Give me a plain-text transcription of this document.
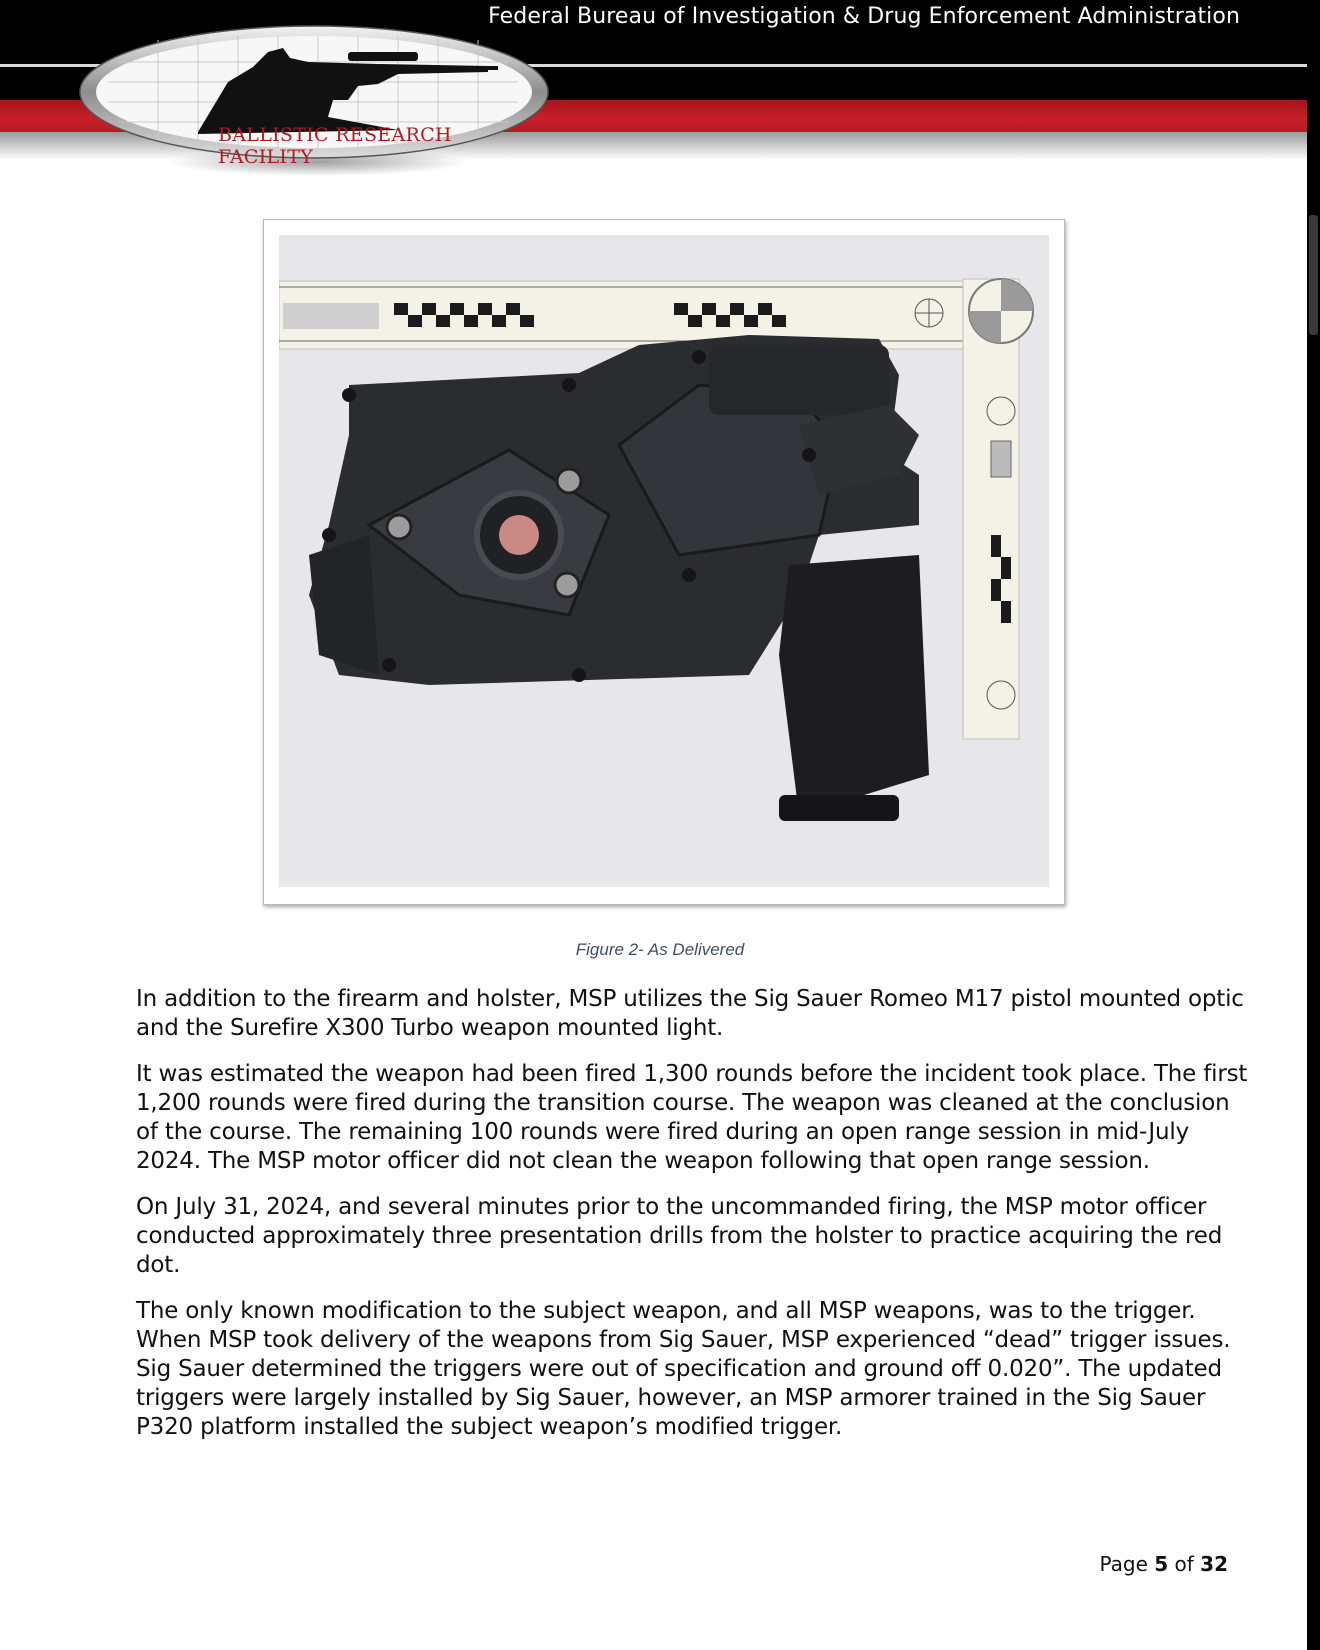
Federal Bureau of Investigation & Drug Enforcement Administration
BALLISTIC RESEARCH FACILITY
Figure 2- As Delivered

In addition to the firearm and holster, MSP utilizes the Sig Sauer Romeo M17 pistol mounted optic and the Surefire X300 Turbo weapon mounted light.

It was estimated the weapon had been fired 1,300 rounds before the incident took place. The first 1,200 rounds were fired during the transition course. The weapon was cleaned at the conclusion of the course. The remaining 100 rounds were fired during an open range session in mid-July 2024. The MSP motor officer did not clean the weapon following that open range session.

On July 31, 2024, and several minutes prior to the uncommanded firing, the MSP motor officer conducted approximately three presentation drills from the holster to practice acquiring the red dot.

The only known modification to the subject weapon, and all MSP weapons, was to the trigger. When MSP took delivery of the weapons from Sig Sauer, MSP experienced “dead” trigger issues. Sig Sauer determined the triggers were out of specification and ground off 0.020”. The updated triggers were largely installed by Sig Sauer, however, an MSP armorer trained in the Sig Sauer P320 platform installed the subject weapon’s modified trigger.

Page 5 of 32
